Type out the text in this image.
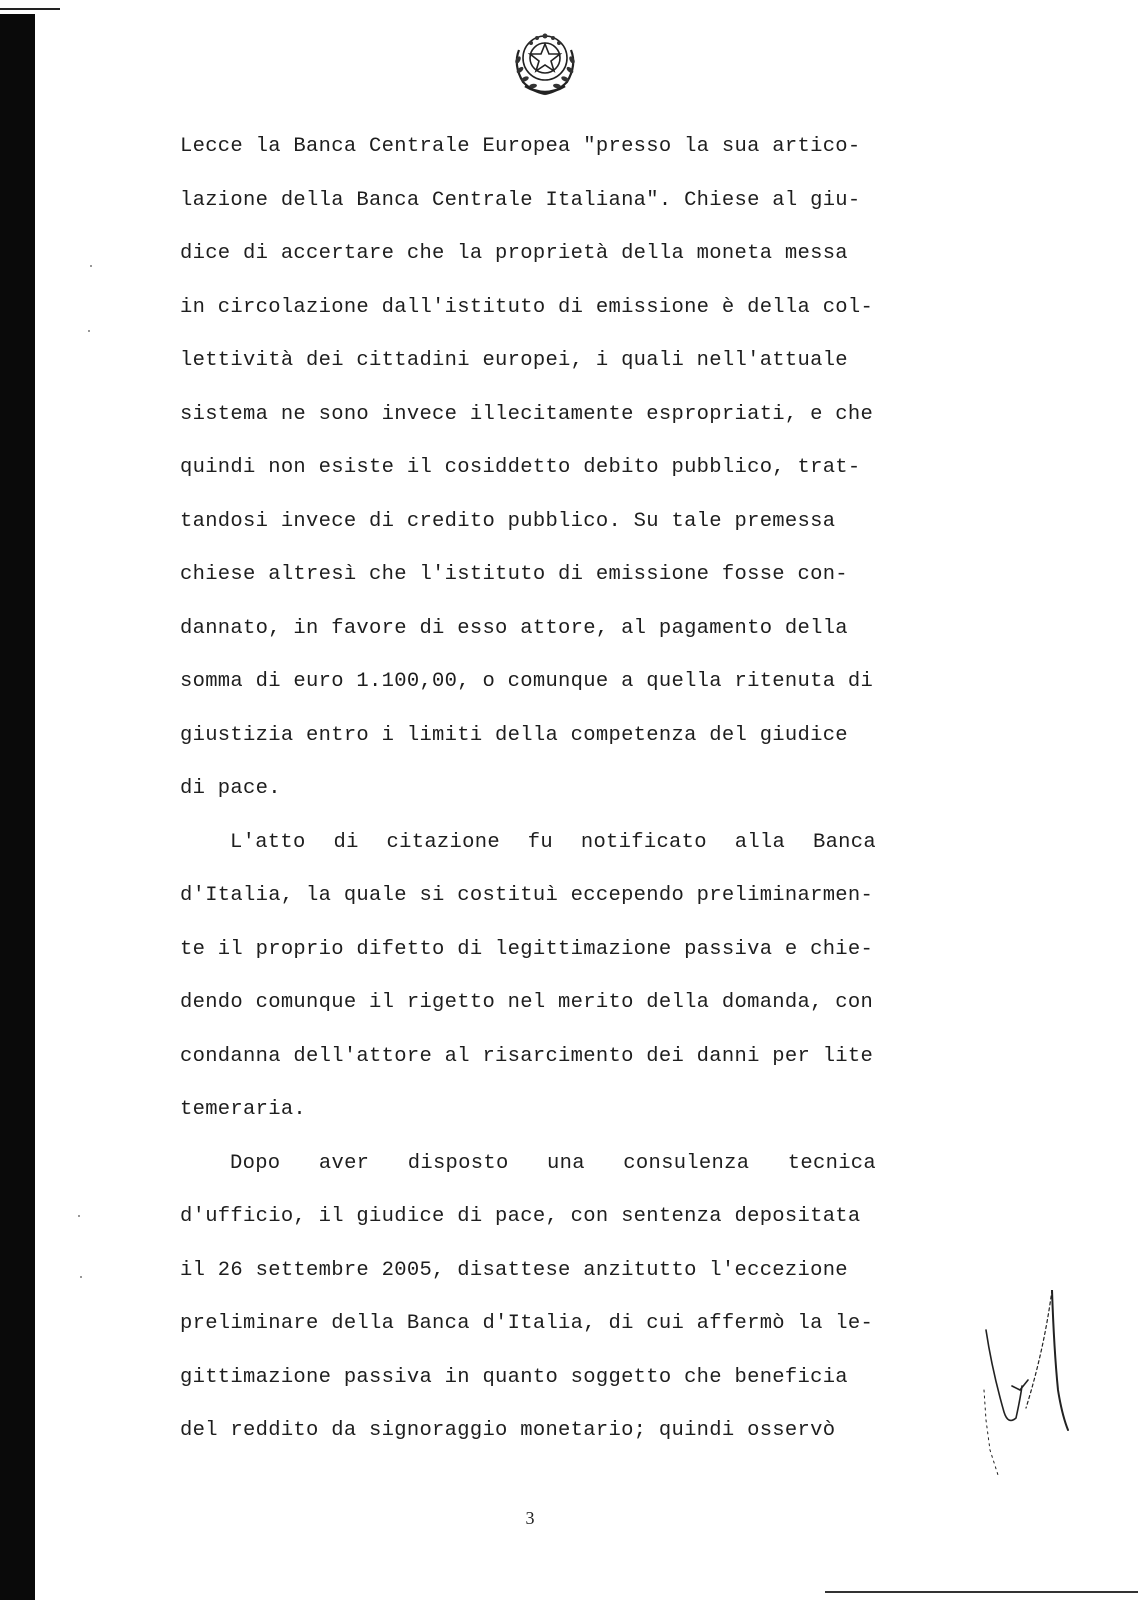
Lecce la Banca Centrale Europea "presso la sua artico-
lazione della Banca Centrale Italiana". Chiese al giu-
dice di accertare che la proprietà della moneta messa
in circolazione dall'istituto di emissione è della col-
lettività dei cittadini europei, i quali nell'attuale
sistema ne sono invece illecitamente espropriati, e che
quindi non esiste il cosiddetto debito pubblico, trat-
tandosi invece di credito pubblico. Su tale premessa
chiese altresì che l'istituto di emissione fosse con-
dannato, in favore di esso attore, al pagamento della
somma di euro 1.100,00, o comunque a quella ritenuta di
giustizia entro i limiti della competenza del giudice
di pace.
L'atto di citazione fu notificato alla Banca
d'Italia, la quale si costituì eccependo preliminarmen-
te il proprio difetto di legittimazione passiva e chie-
dendo comunque il rigetto nel merito della domanda, con
condanna dell'attore al risarcimento dei danni per lite
temeraria.
Dopo aver disposto una consulenza tecnica
d'ufficio, il giudice di pace, con sentenza depositata
il 26 settembre 2005, disattese anzitutto l'eccezione
preliminare della Banca d'Italia, di cui affermò la le-
gittimazione passiva in quanto soggetto che beneficia
del reddito da signoraggio monetario; quindi osservò
3
